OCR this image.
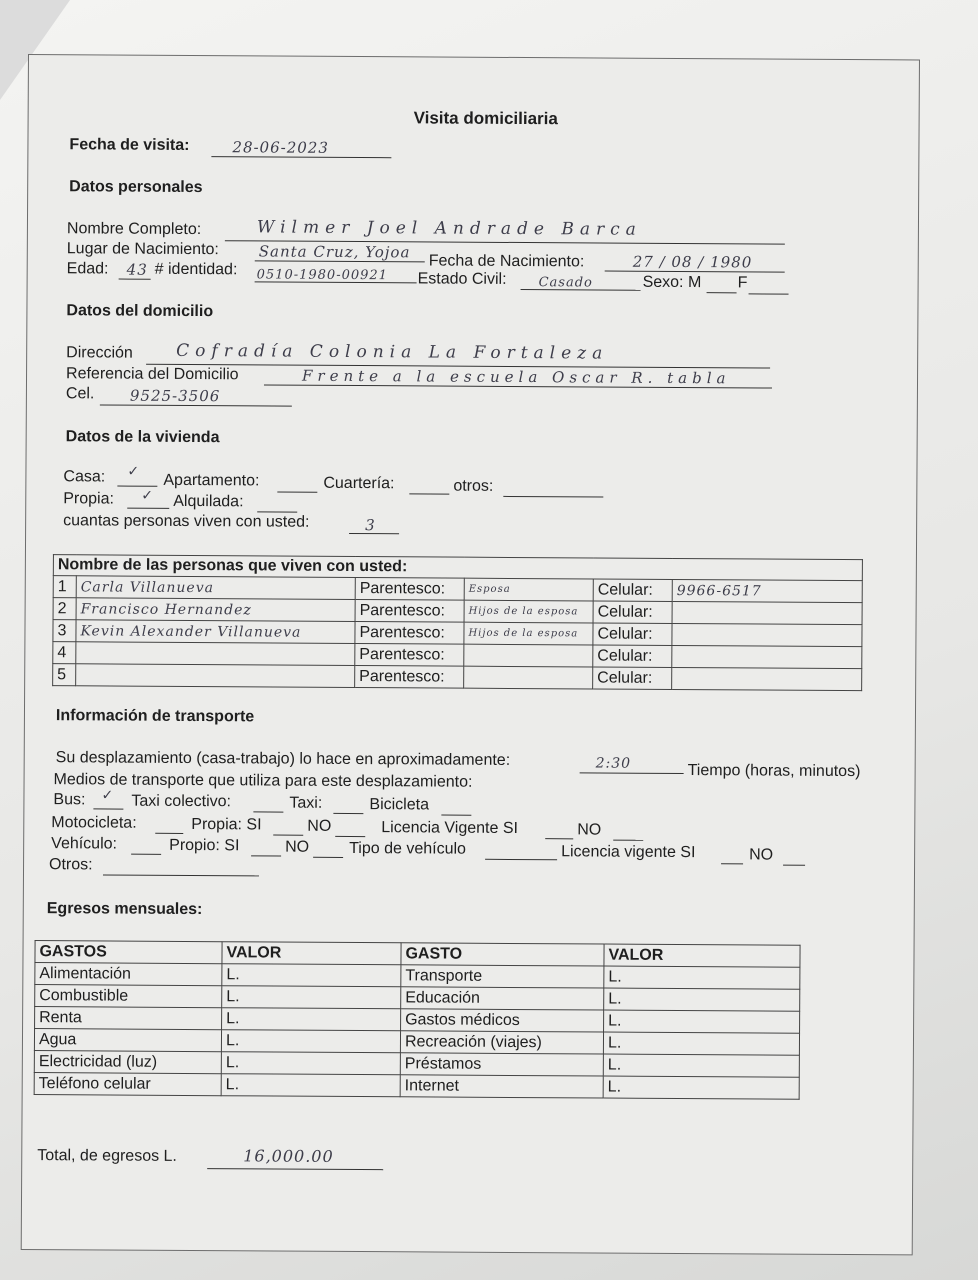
Visita domiciliaria
Fecha de visita:	28-06-2023
Datos personales
Nombre Completo:	Wilmer Joel Andrade Barca
Lugar de Nacimiento:	Santa Cruz, Yojoa
Fecha de Nacimiento:	27 / 08 / 1980
Edad: 43 # identidad: 0510-1980-00921 Estado Civil: Casado	Sexo: M F
Datos del domicilio
Dirección	Cofradía Colonia La Fortaleza
Referencia del Domicilio	Frente a la escuela Oscar R. tabla
Cel. 9525-3506
Datos de la vivienda
Casa: ✓
Apartamento:	Cuartería:	otros:
Propia: ✓ Alquilada:
cuantas personas viven con usted:	3
Nombre de las personas que viven con usted:					
1	Carla Villanueva	Parentesco:	Esposa	Celular:	9966-6517
2	Francisco Hernandez	Parentesco:	Hijos de la esposa	Celular:	
3	Kevin Alexander Villanueva	Parentesco:	Hijos de la esposa	Celular:	
4		Parentesco:		Celular:	
5		Parentesco:		Celular:	
Información de transporte
Su desplazamiento (casa-trabajo) lo hace en aproximadamente:	2:30	Tiempo (horas, minutos)
Medios de transporte que utiliza para este desplazamiento:
Bus: ✓ Taxi colectivo:	Taxi:	Bicicleta
Motocicleta:	Propia: SI	NO	Licencia Vigente SI	NO
Vehículo:	Propio: SI	NO Tipo de vehículo	Licencia vigente SI	NO
Otros:
Egresos mensuales:
GASTOS	VALOR	GASTO	VALOR
Alimentación	L.	Transporte	L.
Combustible	L.	Educación	L.
Renta	L.	Gastos médicos	L.
Agua	L.	Recreación (viajes)	L.
Electricidad (luz)	L.	Préstamos	L.
Teléfono celular	L.	Internet	L.
Total, de egresos L.	16,000.00
